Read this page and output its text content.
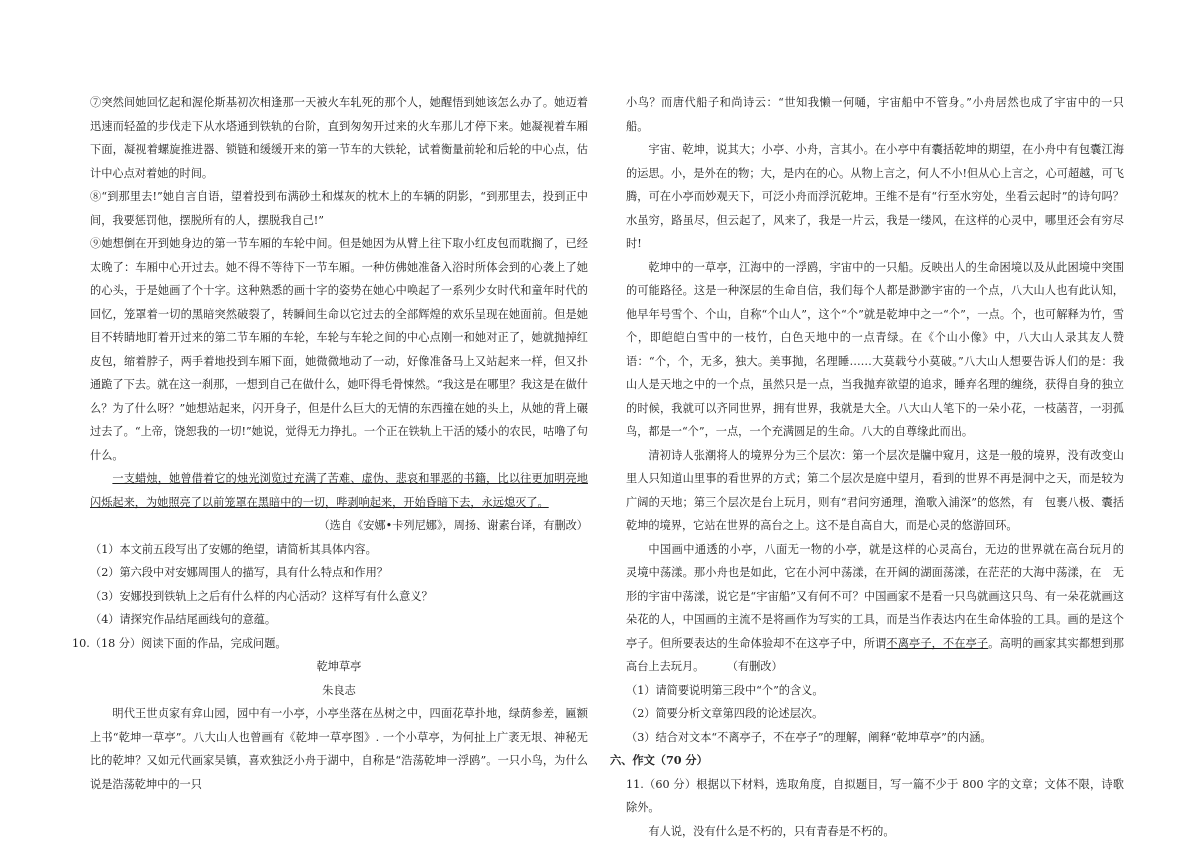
⑦突然间她回忆起和渥伦斯基初次相逢那一天被火车轧死的那个人，她醒悟到她该怎么办了。她迈着迅速而轻盈的步伐走下从水塔通到铁轨的台阶，直到匆匆开过来的火车那儿才停下来。她凝视着车厢下面，凝视着螺旋推进器、锁链和缓缓开来的第一节车的大铁轮，试着衡量前轮和后轮的中心点，估计中心点对着她的时间。

⑧“到那里去!”她自言自语，望着投到布满砂土和煤灰的枕木上的车辆的阴影，“到那里去，投到正中间，我要惩罚他，摆脱所有的人，摆脱我自己!”

⑨她想倒在开到她身边的第一节车厢的车轮中间。但是她因为从臂上往下取小红皮包而耽搁了，已经太晚了：车厢中心开过去。她不得不等待下一节车厢。一种仿佛她准备入浴时所体会到的心袭上了她的心头，于是她画了个十字。这种熟悉的画十字的姿势在她心中唤起了一系列少女时代和童年时代的回忆，笼罩着一切的黑暗突然破裂了，转瞬间生命以它过去的全部辉煌的欢乐呈现在她面前。但是她目不转睛地盯着开过来的第二节车厢的车轮，车轮与车轮之间的中心点刚一和她对正了，她就抛掉红皮包，缩着脖子，两手着地投到车厢下面，她微微地动了一动，好像准备马上又站起来一样，但又扑通跪了下去。就在这一刹那，一想到自己在做什么，她吓得毛骨悚然。“我这是在哪里？我这是在做什么？为了什么呀？”她想站起来，闪开身子，但是什么巨大的无情的东西撞在她的头上，从她的背上碾过去了。“上帝，饶恕我的一切!”她说，觉得无力挣扎。一个正在铁轨上干活的矮小的农民，咕噜了句什么。

一支蜡烛，她曾借着它的烛光浏览过充满了苦难、虚伪、悲哀和罪恶的书籍，比以往更加明亮地闪烁起来，为她照亮了以前笼罩在黑暗中的一切，哔剥响起来，开始昏暗下去，永远熄灭了。

（选自《安娜•卡列尼娜》，周扬、谢素台译，有删改）

（1）本文前五段写出了安娜的绝望，请简析其具体内容。

（2）第六段中对安娜周围人的描写，具有什么特点和作用？

（3）安娜投到铁轨上之后有什么样的内心活动？这样写有什么意义？

（4）请探究作品结尾画线句的意蕴。

10.（18 分）阅读下面的作品，完成问题。

乾坤草亭

朱良志

明代王世贞家有弇山园，园中有一小亭，小亭坐落在丛树之中，四面花草扑地，绿荫参差，匾额上书“乾坤一草亭”。八大山人也曾画有《乾坤一草亭图》. 一个小草亭，为何扯上广袤无垠、神秘无比的乾坤？又如元代画家吴镇，喜欢独泛小舟于湖中，自称是“浩荡乾坤一浮鸥”。一只小鸟，为什么说是浩荡乾坤中的一只

小鸟？而唐代船子和尚诗云：“世知我懒一何嗵，宇宙船中不管身。”小舟居然也成了宇宙中的一只船。

宇宙、乾坤，说其大；小亭、小舟，言其小。在小亭中有囊括乾坤的期望，在小舟中有包囊江海的运思。小，是外在的物；大，是内在的心。从物上言之，何人不小!但从心上言之，心可超越，可飞腾，可在小亭而妙观天下，可泛小舟而浮沉乾坤。王维不是有“行至水穷处，坐看云起时”的诗句吗？水虽穷，路虽尽，但云起了，风来了，我是一片云，我是一缕风，在这样的心灵中，哪里还会有穷尽时!

乾坤中的一草亭，江海中的一浮鸥，宇宙中的一只船。反映出人的生命困境以及从此困境中突围的可能路径。这是一种深层的生命自信，我们每个人都是渺渺宇宙的一个点，八大山人也有此认知，他早年号雪个、个山，自称“个山人”，这个“个”就是乾坤中之一“个”，一点。个，也可解释为竹，雪个，即皑皑白雪中的一枝竹，白色天地中的一点青绿。在《个山小像》中，八大山人录其友人赞语：“个，个，无多，独大。美事抛，名理睡……大莫载兮小莫破。”八大山人想要告诉人们的是：我山人是天地之中的一个点，虽然只是一点，当我抛弃欲望的追求，睡弃名理的缠绕，获得自身的独立的时候，我就可以齐同世界，拥有世界，我就是大全。八大山人笔下的一朵小花，一枝菡苕，一羽孤鸟，都是一“个”，一点，一个充满圆足的生命。八大的自尊缘此而出。

清初诗人张潮将人的境界分为三个层次：第一个层次是牖中窥月，这是一般的境界，没有改变山里人只知道山里事的看世界的方式；第二个层次是庭中望月，看到的世界不再是洞中之天，而是较为广阔的天地；第三个层次是台上玩月，则有“君问穷通理，渔歌入浦深”的悠然，有　包裹八极、囊括乾坤的境界，它站在世界的高台之上。这不是自高自大，而是心灵的悠游回环。

中国画中通透的小亭，八面无一物的小亭，就是这样的心灵高台，无边的世界就在高台玩月的　灵境中荡漾。那小舟也是如此，它在小河中荡漾，在开阔的湖面荡漾，在茫茫的大海中荡漾，在　无形的宇宙中荡漾，说它是“宇宙船”又有何不可？中国画家不是看一只鸟就画这只鸟、有一朵花就画这朵花的人，中国画的主流不是将画作为写实的工具，而是当作表达内在生命体验的工具。画的是这个亭子。但所要表达的生命体验却不在这亭子中，所谓不离亭子，不在亭子。高明的画家其实都想到那高台上去玩月。	（有删改）

（1）请简要说明第三段中“个”的含义。

（2）简要分析文章第四段的论述层次。

（3）结合对文本“不离亭子，不在亭子”的理解，阐释“乾坤草亭”的内涵。

六、作文（70 分）

11.（60 分）根据以下材料，选取角度，自拟题目，写一篇不少于 800 字的文章；文体不限，诗歌除外。

有人说，没有什么是不朽的，只有青春是不朽的。
